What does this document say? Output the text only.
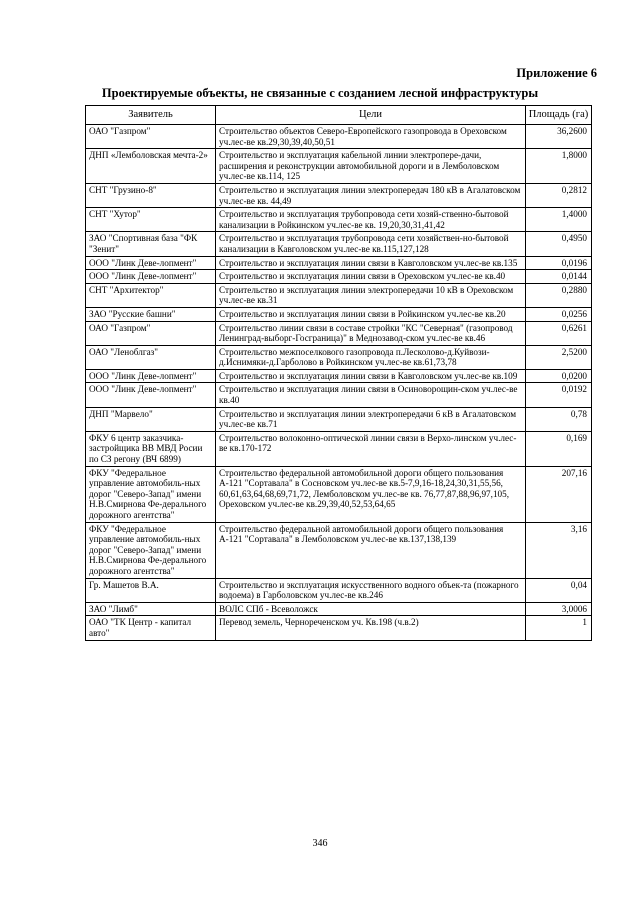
Приложение 6
Проектируемые объекты, не связанные с созданием лесной инфраструктуры
Заявитель	Цели	Площадь (га)
ОАО "Газпром"	Строительство объектов Северо-Европейского газопровода в Ореховском уч.лес-ве кв.29,30,39,40,50,51	36,2600
ДНП «Лемболовская мечта-2»	Строительство и эксплуатация кабельной линии электропере-дачи, расширения и реконструкции автомобильной дороги и в Лемболовском уч.лес-ве кв.114, 125	1,8000
СНТ "Грузино-8"	Строительство и эксплуатация линии электропередач 180 кВ в Агалатовском уч.лес-ве кв. 44,49	0,2812
СНТ "Хутор"	Строительство и эксплуатация трубопровода сети хозяй-ственно-бытовой канализации в Ройкинском уч.лес-ве кв. 19,20,30,31,41,42	1,4000
ЗАО "Спортивная база "ФК "Зенит"	Строительство и эксплуатация трубопровода сети хозяйствен-но-бытовой канализации в Кавголовском уч.лес-ве кв.115,127,128	0,4950
ООО "Линк Деве-лопмент"	Строительство и эксплуатация линии связи в Кавголовском уч.лес-ве кв.135	0,0196
ООО "Линк Деве-лопмент"	Строительство и эксплуатация линии связи в Ореховском уч.лес-ве кв.40	0,0144
СНТ "Архитектор"	Строительство и эксплуатация линии электропередачи 10 кВ в Ореховском уч.лес-ве кв.31	0,2880
ЗАО "Русские башни"	Строительство и эксплуатация линии связи в Ройкинском уч.лес-ве кв.20	0,0256
ОАО "Газпром"	Строительство линии связи в составе стройки "КС "Северная" (газопровод Ленинград-выборг-Госграница)" в Меднозавод-ском уч.лес-ве кв.46	0,6261
ОАО "Леноблгаз"	Строительство межпоселкового газопровода п.Лесколово-д.Куйвози-д.Иснимяки-д.Гарболово в Ройкинском уч.лес-ве кв.61,73,78	2,5200
ООО "Линк Деве-лопмент"	Строительство и эксплуатация линии связи в Кавголовском уч.лес-ве кв.109	0,0200
ООО "Линк Деве-лопмент"	Строительство и эксплуатация линии связи в Осиноворощин-ском уч.лес-ве кв.40	0,0192
ДНП "Марвело"	Строительство и эксплуатация линии электропередачи 6 кВ в Агалатовском уч.лес-ве кв.71	0,78
ФКУ 6 центр заказчика-застройщика ВВ МВД Росии по СЗ регону (ВЧ 6899)	Строительство волоконно-оптической линии связи в Верхо-линском уч.лес-ве кв.170-172	0,169
ФКУ "Федеральное управление автомобиль-ных дорог "Северо-Запад" имени Н.В.Смирнова Фе-дерального дорожного агентства"	Строительство федеральной автомобильной дороги общего пользования А-121 "Сортавала" в Сосновском уч.лес-ве кв.5-7,9,16-18,24,30,31,55,56, 60,61,63,64,68,69,71,72, Лемболовском уч.лес-ве кв. 76,77,87,88,96,97,105, Ореховском уч.лес-ве кв.29,39,40,52,53,64,65	207,16
ФКУ "Федеральное управление автомобиль-ных дорог "Северо-Запад" имени Н.В.Смирнова Фе-дерального дорожного агентства"	Строительство федеральной автомобильной дороги общего пользования А-121 "Сортавала" в Лемболовском уч.лес-ве кв.137,138,139	3,16
Гр. Машетов В.А.	Строительство и эксплуатация искусственного водного объек-та (пожарного водоема) в Гарболовском уч.лес-ве кв.246	0,04
ЗАО "Лимб"	ВОЛС СПб - Всеволожск	3,0006
ОАО "ТК Центр - капитал авто"	Перевод земель, Чернореченском уч. Кв.198 (ч.в.2)	1
346
